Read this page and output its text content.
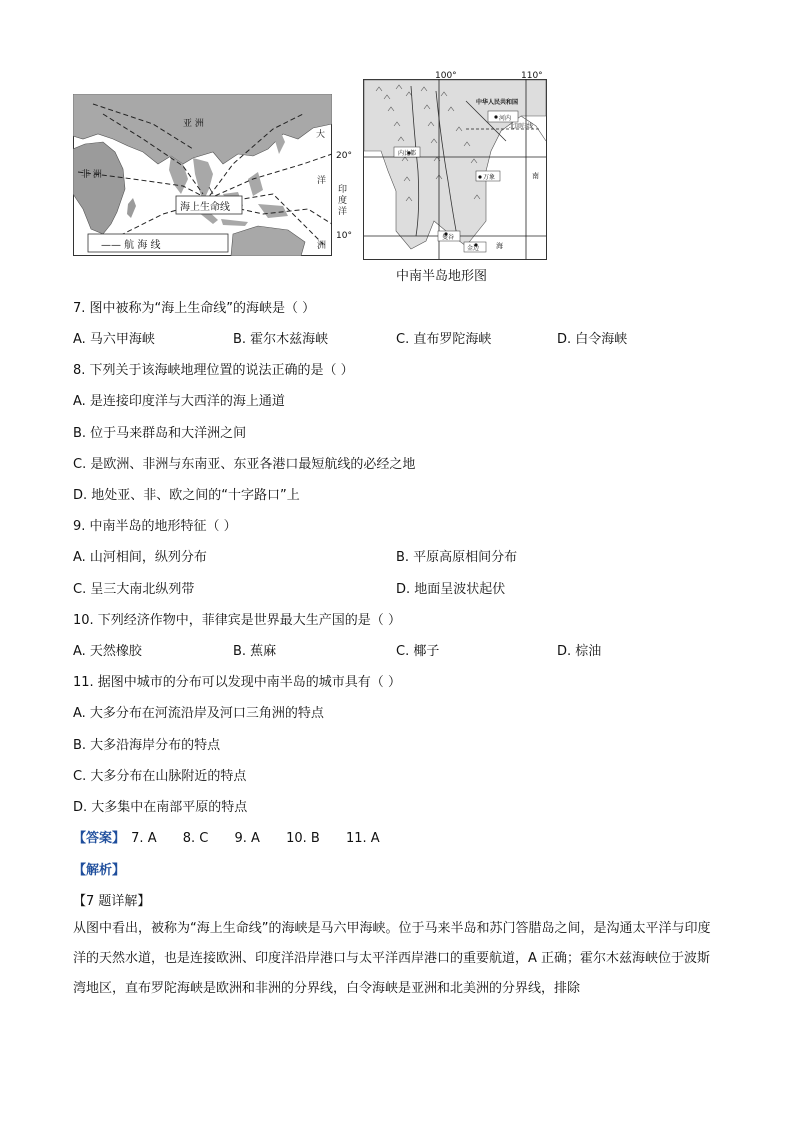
亚 洲
非 洲
大
洋
洲
海上生命线
—— 航 海 线
100°	110°
20°
10°
中华人民共和国
北回归线
河内
内比都
万象
曼谷
金边
印度洋
南
海
中南半岛地形图
7. 图中被称为“海上生命线”的海峡是（ ）
A. 马六甲海峡	B. 霍尔木兹海峡	C. 直布罗陀海峡	D. 白令海峡
8. 下列关于该海峡地理位置的说法正确的是（ ）
A. 是连接印度洋与大西洋的海上通道
B. 位于马来群岛和大洋洲之间
C. 是欧洲、非洲与东南亚、东亚各港口最短航线的必经之地
D. 地处亚、非、欧之间的“十字路口”上
9. 中南半岛的地形特征（ ）
A. 山河相间，纵列分布	B. 平原高原相间分布
C. 呈三大南北纵列带	D. 地面呈波状起伏
10. 下列经济作物中，菲律宾是世界最大生产国的是（ ）
A. 天然橡胶	B. 蕉麻	C. 椰子	D. 棕油
11. 据图中城市的分布可以发现中南半岛的城市具有（ ）
A. 大多分布在河流沿岸及河口三角洲的特点
B. 大多沿海岸分布的特点
C. 大多分布在山脉附近的特点
D. 大多集中在南部平原的特点
【答案】 7. A 8. C 9. A 10. B 11. A
【解析】
【7 题详解】
从图中看出，被称为“海上生命线”的海峡是马六甲海峡。位于马来半岛和苏门答腊岛之间，是沟通太平洋与印度洋的天然水道，也是连接欧洲、印度洋沿岸港口与太平洋西岸港口的重要航道，A 正确；霍尔木兹海峡位于波斯湾地区，直布罗陀海峡是欧洲和非洲的分界线，白令海峡是亚洲和北美洲的分界线，排除
